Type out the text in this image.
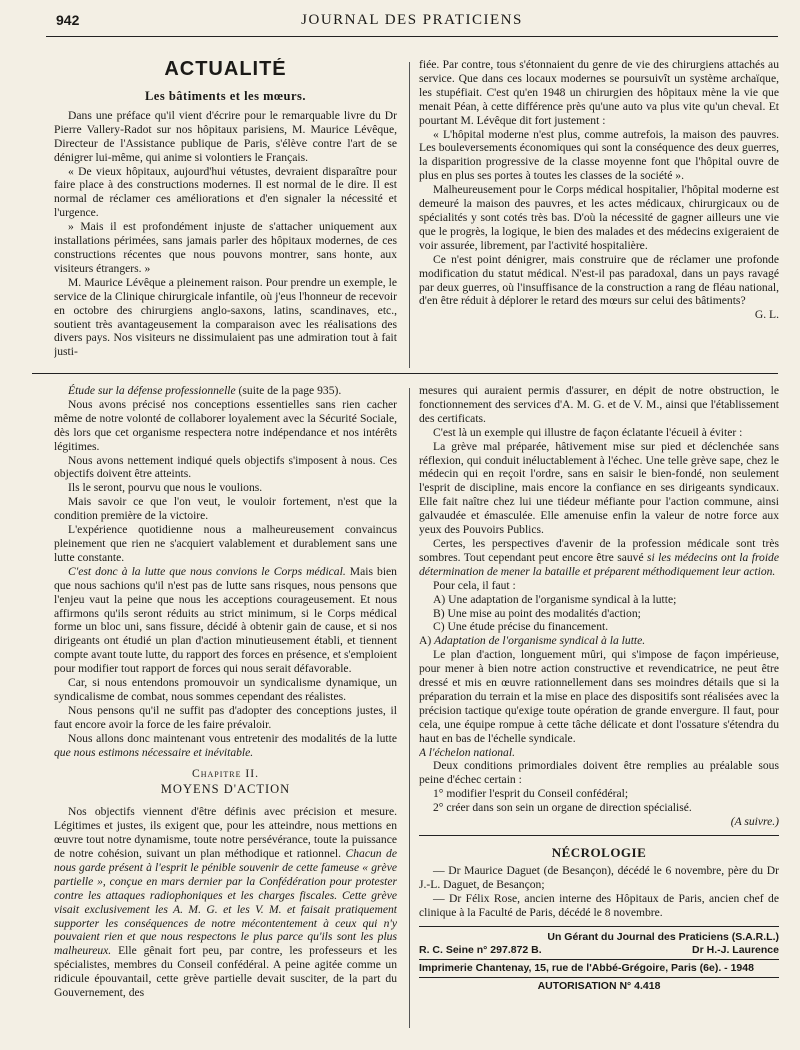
942	JOURNAL DES PRATICIENS
ACTUALITÉ
Les bâtiments et les mœurs.

Dans une préface qu'il vient d'écrire pour le remarquable livre du Dr Pierre Vallery-Radot sur nos hôpitaux parisiens, M. Maurice Lévêque, Directeur de l'Assistance publique de Paris, s'élève contre l'art de se dénigrer lui-même, qui anime si volontiers le Français.

« De vieux hôpitaux, aujourd'hui vétustes, devraient disparaître pour faire place à des constructions modernes. Il est normal de le dire. Il est normal de réclamer ces améliorations et d'en signaler la nécessité et l'urgence.

» Mais il est profondément injuste de s'attacher uniquement aux installations périmées, sans jamais parler des hôpitaux modernes, de ces constructions récentes que nous pouvons montrer, sans honte, aux visiteurs étrangers. »

M. Maurice Lévêque a pleinement raison. Pour prendre un exemple, le service de la Clinique chirurgicale infantile, où j'eus l'honneur de recevoir en octobre des chirurgiens anglo-saxons, latins, scandinaves, etc., soutient très avantageusement la comparaison avec les réalisations des divers pays. Nos visiteurs ne dissimulaient pas une admiration tout à fait justi-

fiée. Par contre, tous s'étonnaient du genre de vie des chirurgiens attachés au service. Que dans ces locaux modernes se poursuivît un système archaïque, les stupéfiait. C'est qu'en 1948 un chirurgien des hôpitaux mène la vie que menait Péan, à cette différence près qu'une auto va plus vite qu'un cheval. Et pourtant M. Lévêque dit fort justement :

« L'hôpital moderne n'est plus, comme autrefois, la maison des pauvres. Les bouleversements économiques qui sont la conséquence des deux guerres, la disparition progressive de la classe moyenne font que l'hôpital ouvre de plus en plus ses portes à toutes les classes de la société ».

Malheureusement pour le Corps médical hospitalier, l'hôpital moderne est demeuré la maison des pauvres, et les actes médicaux, chirurgicaux ou de spécialités y sont cotés très bas. D'où la nécessité de gagner ailleurs une vie que le progrès, la logique, le bien des malades et des médecins exigeraient de voir assurée, librement, par l'activité hospitalière.

Ce n'est point dénigrer, mais construire que de réclamer une profonde modification du statut médical. N'est-il pas paradoxal, dans un pays ravagé par deux guerres, où l'insuffisance de la construction a rang de fléau national, d'en être réduit à déplorer le retard des mœurs sur celui des bâtiments?

G. L.

Étude sur la défense professionnelle (suite de la page 935).

Nous avons précisé nos conceptions essentielles sans rien cacher même de notre volonté de collaborer loyalement avec la Sécurité Sociale, dès lors que cet organisme respectera notre indépendance et nos intérêts légitimes.

Nous avons nettement indiqué quels objectifs s'imposent à nous. Ces objectifs doivent être atteints.

Ils le seront, pourvu que nous le voulions.

Mais savoir ce que l'on veut, le vouloir fortement, n'est que la condition première de la victoire.

L'expérience quotidienne nous a malheureusement convaincus pleinement que rien ne s'acquiert valablement et durablement sans une lutte constante.

C'est donc à la lutte que nous convions le Corps médical. Mais bien que nous sachions qu'il n'est pas de lutte sans risques, nous pensons que l'enjeu vaut la peine que nous les acceptions courageusement. Et nous affirmons qu'ils seront réduits au strict minimum, si le Corps médical forme un bloc uni, sans fissure, décidé à obtenir gain de cause, et si nos dirigeants ont étudié un plan d'action minutieusement établi, et tiennent compte avant toute lutte, du rapport des forces en présence, et s'emploient pour modifier tout rapport de forces qui nous serait défavorable.

Car, si nous entendons promouvoir un syndicalisme dynamique, un syndicalisme de combat, nous sommes cependant des réalistes.

Nous pensons qu'il ne suffit pas d'adopter des conceptions justes, il faut encore avoir la force de les faire prévaloir.

Nous allons donc maintenant vous entretenir des modalités de la lutte que nous estimons nécessaire et inévitable.

Chapitre II.
MOYENS D'ACTION

Nos objectifs viennent d'être définis avec précision et mesure. Légitimes et justes, ils exigent que, pour les atteindre, nous mettions en œuvre tout notre dynamisme, toute notre persévérance, toute la puissance de notre cohésion, suivant un plan méthodique et rationnel. Chacun de nous garde présent à l'esprit le pénible souvenir de cette fameuse « grève partielle », conçue en mars dernier par la Confédération pour protester contre les attaques radiophoniques et les charges fiscales. Cette grève visait exclusivement les A. M. G. et les V. M. et faisait pratiquement supporter les conséquences de notre mécontentement à ceux qui n'y pouvaient rien et que nous respectons le plus parce qu'ils sont les plus malheureux. Elle gênait fort peu, par contre, les professeurs et les spécialistes, membres du Conseil confédéral. A peine agitée comme un ridicule épouvantail, cette grève partielle devait susciter, de la part du Gouvernement, des

mesures qui auraient permis d'assurer, en dépit de notre obstruction, le fonctionnement des services d'A. M. G. et de V. M., ainsi que l'établissement des certificats.

C'est là un exemple qui illustre de façon éclatante l'écueil à éviter :

La grève mal préparée, hâtivement mise sur pied et déclenchée sans réflexion, qui conduit inéluctablement à l'échec. Une telle grève sape, chez le médecin qui en reçoit l'ordre, sans en saisir le bien-fondé, non seulement l'esprit de discipline, mais encore la confiance en ses dirigeants syndicaux. Elle fait naître chez lui une tiédeur méfiante pour l'action commune, ainsi galvaudée et émasculée. Elle amenuise enfin la valeur de notre force aux yeux des Pouvoirs Publics.

Certes, les perspectives d'avenir de la profession médicale sont très sombres. Tout cependant peut encore être sauvé si les médecins ont la froide détermination de mener la bataille et préparent méthodiquement leur action.

Pour cela, il faut :

A) Une adaptation de l'organisme syndical à la lutte;

B) Une mise au point des modalités d'action;

C) Une étude précise du financement.

A) Adaptation de l'organisme syndical à la lutte.

Le plan d'action, longuement mûri, qui s'impose de façon impérieuse, pour mener à bien notre action constructive et revendicatrice, ne peut être dressé et mis en œuvre rationnellement dans ses moindres détails que si la préparation du terrain et la mise en place des dispositifs sont réalisées avec la précision tactique qu'exige toute opération de grande envergure. Il faut, pour cela, une équipe rompue à cette tâche délicate et dont l'ossature s'étendra du haut en bas de l'échelle syndicale.

A l'échelon national.

Deux conditions primordiales doivent être remplies au préalable sous peine d'échec certain :

1° modifier l'esprit du Conseil confédéral;

2° créer dans son sein un organe de direction spécialisé.

(A suivre.)

NÉCROLOGIE

— Dr Maurice Daguet (de Besançon), décédé le 6 novembre, père du Dr J.-L. Daguet, de Besançon;

— Dr Félix Rose, ancien interne des Hôpitaux de Paris, ancien chef de clinique à la Faculté de Paris, décédé le 8 novembre.

Un Gérant du Journal des Praticiens (S.A.R.L.)

R. C. Seine n° 297.872 B.	Dr H.-J. Laurence

Imprimerie Chantenay, 15, rue de l'Abbé-Grégoire, Paris (6e). - 1948

AUTORISATION N° 4.418
